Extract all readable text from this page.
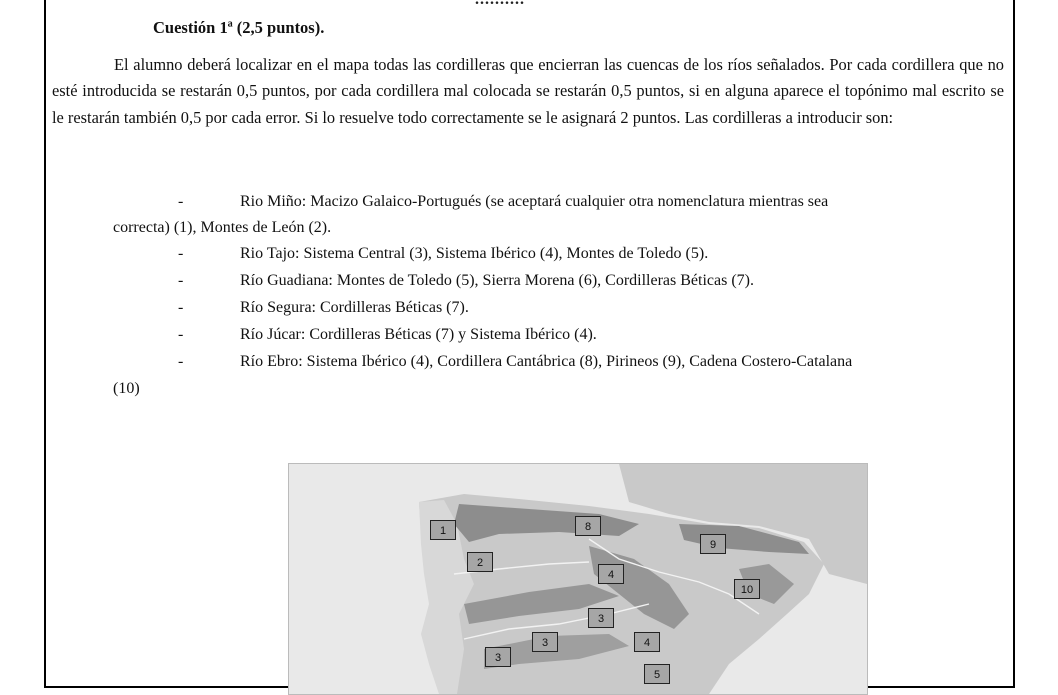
Cuestión 1ª (2,5 puntos).
El alumno deberá localizar en el mapa todas las cordilleras que encierran las cuencas de los ríos señalados. Por cada cordillera que no esté introducida se restarán 0,5 puntos, por cada cordillera mal colocada se restarán 0,5 puntos, si en alguna aparece el topónimo mal escrito se le restarán también 0,5 por cada error. Si lo resuelve todo correctamente se le asignará 2 puntos. Las cordilleras a introducir son:
-	Rio Miño: Macizo Galaico-Portugués (se aceptará cualquier otra nomenclatura mientras sea
correcta) (1), Montes de León (2).
-	Rio Tajo: Sistema Central (3), Sistema Ibérico (4), Montes de Toledo (5).
-	Río Guadiana: Montes de Toledo (5), Sierra Morena (6), Cordilleras Béticas (7).
-	Río Segura: Cordilleras Béticas (7).
-	Río Júcar: Cordilleras Béticas (7) y Sistema Ibérico (4).
-	Río Ebro: Sistema Ibérico (4), Cordillera Cantábrica (8), Pirineos (9), Cadena Costero-Catalana
(10)
1	8
9
2
4
10
3
3	4
3
5
